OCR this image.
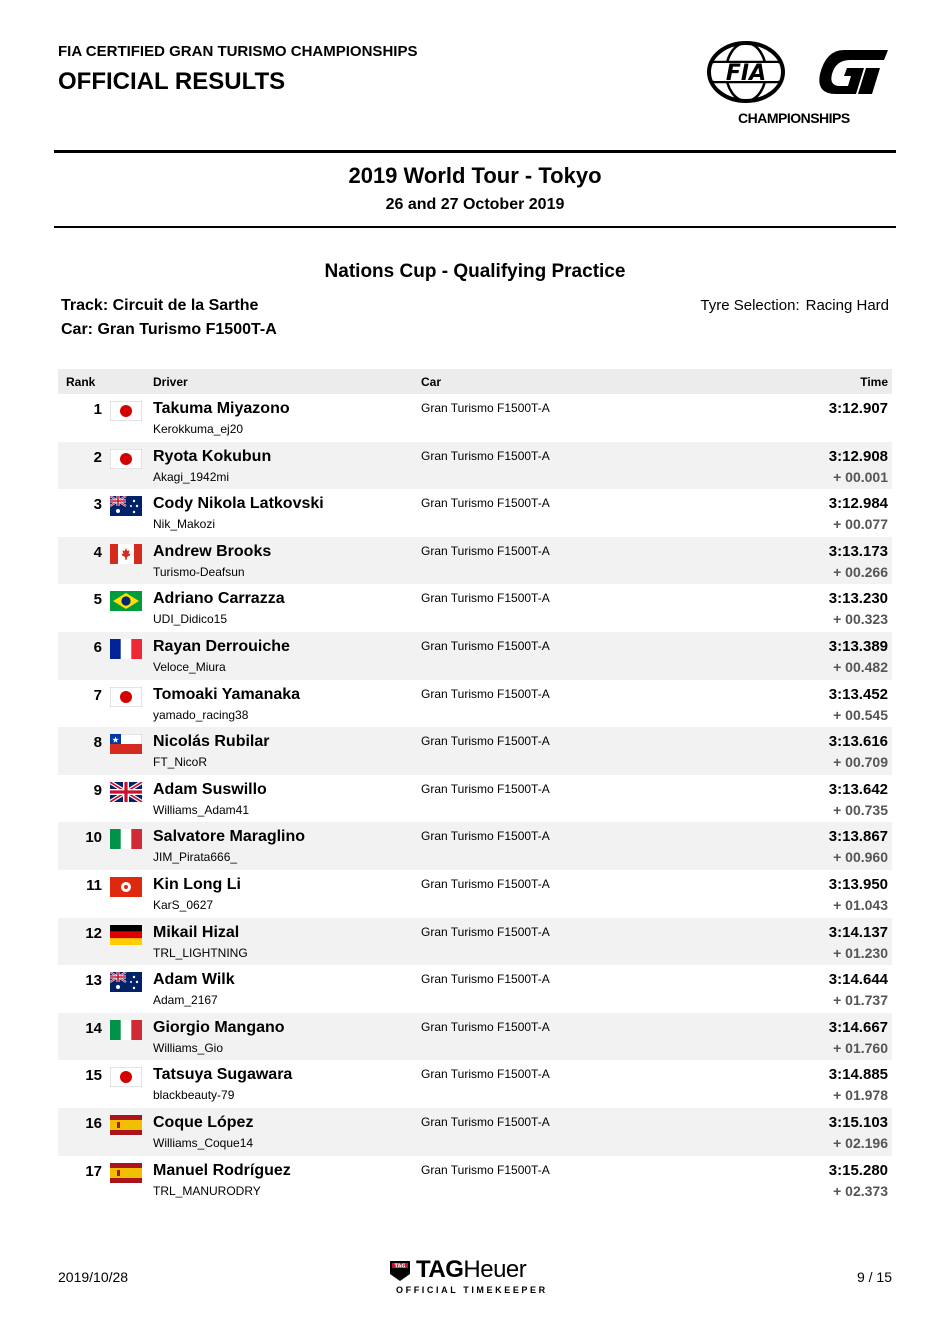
FIA CERTIFIED GRAN TURISMO CHAMPIONSHIPS
OFFICIAL RESULTS	FIA
CHAMPIONSHIPS
2019 World Tour - Tokyo
26 and 27 October 2019
Nations Cup - Qualifying Practice
Track: Circuit de la Sarthe
Car: Gran Turismo F1500T-A
Tyre Selection: Racing Hard
Rank	Driver	Car	Time
1	Takuma Miyazono
Kerokkuma_ej20
Gran Turismo F1500T-A	3:12.907
2	Ryota Kokubun
Akagi_1942mi
Gran Turismo F1500T-A	3:12.908
+ 00.001
3	Cody Nikola Latkovski
Nik_Makozi
Gran Turismo F1500T-A	3:12.984
+ 00.077
4	Andrew Brooks
Turismo-Deafsun
Gran Turismo F1500T-A	3:13.173
+ 00.266
5	Adriano Carrazza
UDI_Didico15
Gran Turismo F1500T-A	3:13.230
+ 00.323
6	Rayan Derrouiche
Veloce_Miura
Gran Turismo F1500T-A	3:13.389
+ 00.482
7	Tomoaki Yamanaka
yamado_racing38
Gran Turismo F1500T-A	3:13.452
+ 00.545
8	Nicolás Rubilar
FT_NicoR
Gran Turismo F1500T-A	3:13.616
+ 00.709
9	Adam Suswillo
Williams_Adam41
Gran Turismo F1500T-A	3:13.642
+ 00.735
10	Salvatore Maraglino
JIM_Pirata666_
Gran Turismo F1500T-A	3:13.867
+ 00.960
11	Kin Long Li
KarS_0627
Gran Turismo F1500T-A	3:13.950
+ 01.043
12	Mikail Hizal
TRL_LIGHTNING
Gran Turismo F1500T-A	3:14.137
+ 01.230
13	Adam Wilk
Adam_2167
Gran Turismo F1500T-A	3:14.644
+ 01.737
14	Giorgio Mangano
Williams_Gio
Gran Turismo F1500T-A	3:14.667
+ 01.760
15	Tatsuya Sugawara
blackbeauty-79
Gran Turismo F1500T-A	3:14.885
+ 01.978
16	Coque López
Williams_Coque14
Gran Turismo F1500T-A	3:15.103
+ 02.196
17	Manuel Rodríguez
TRL_MANURODRY
Gran Turismo F1500T-A	3:15.280
+ 02.373
2019/10/28
TAG TAGHeuer
OFFICIAL TIMEKEEPER
9 / 15
